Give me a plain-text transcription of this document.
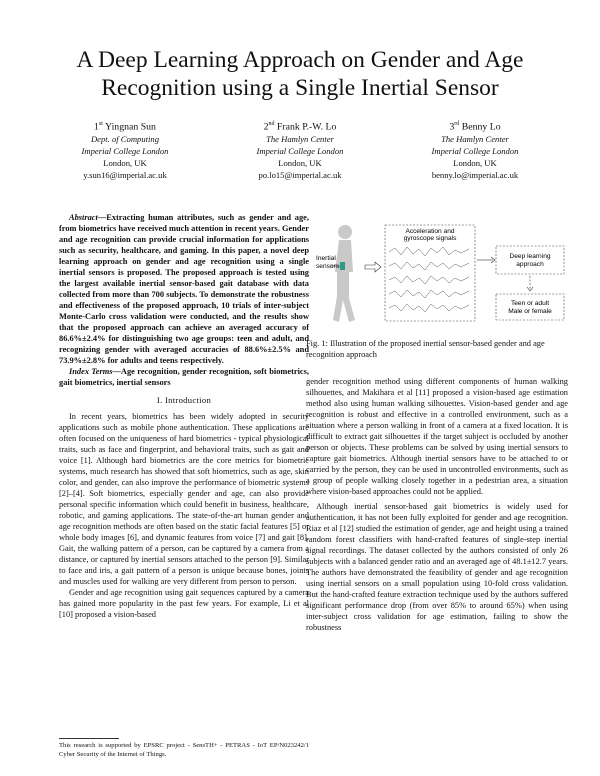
A Deep Learning Approach on Gender and Age
Recognition using a Single Inertial Sensor
1st Yingnan Sun
Dept. of Computing
Imperial College London
London, UK
y.sun16@imperial.ac.uk
2nd Frank P.-W. Lo
The Hamlyn Center
Imperial College London
London, UK
po.lo15@imperial.ac.uk
3rd Benny Lo
The Hamlyn Center
Imperial College London
London, UK
benny.lo@imperial.ac.uk

Abstract—Extracting human attributes, such as gender and age, from biometrics have received much attention in recent years. Gender and age recognition can provide crucial information for applications such as security, healthcare, and gaming. In this paper, a novel deep learning approach on gender and age recognition using a single inertial sensors is proposed. The proposed approach is tested using the largest available inertial sensor-based gait database with data collected from more than 700 subjects. To demonstrate the robustness and effectiveness of the proposed approach, 10 trials of inter-subject Monte-Carlo cross validation were conducted, and the results show that the proposed approach can achieve an averaged accuracy of 86.6%±2.4% for distinguishing two age groups: teen and adult, and recognizing gender with averaged accuracies of 88.6%±2.5% and 73.9%±2.8% for adults and teens respectively.

Index Terms—Age recognition, gender recognition, soft biometrics, gait biometrics, inertial sensors

I. Introduction

In recent years, biometrics has been widely adopted in security applications such as mobile phone authentication. These applications are often focused on the uniqueness of hard biometrics - typical physiological traits, such as face and fingerprint, and behavioral traits, such as gait and voice [1]. Although hard biometrics are the core metrics for biometric systems, much research has showed that soft biometrics, such as age, skin color, and gender, can also improve the performance of biometric systems [2]–[4]. Soft biometrics, especially gender and age, can also provide personal specific information which could benefit in business, healthcare, robotic, and gaming applications. The state-of-the-art human gender and age recognition methods are often based on the static facial features [5] or whole body images [6], and dynamic features from voice [7] and gait [8]. Gait, the walking pattern of a person, can be captured by a camera from a distance, or captured by inertial sensors attached to the person [9]. Similar to face and iris, a gait pattern of a person is unique because bones, joints and muscles used for walking are very different from person to person.

Gender and age recognition using gait sequences captured by a camera has gained more popularity in the past few years. For example, Li et al [10] proposed a vision-based

This research is supported by EPSRC project - SensTH+ - PETRAS - IoT EP/N023242/1 Cyber Security of the Internet of Things.
Inertial
sensors
Acceleration and
gyroscope signals
Deep learning
approach
Teen or adult
Male or female
Fig. 1: Illustration of the proposed inertial sensor-based gender and age recognition approach

gender recognition method using different components of human walking silhouettes, and Makihara et al [11] proposed a vision-based age estimation method also using human walking silhouettes. Vision-based gender and age recognition is robust and effective in a controlled environment, such as a situation where a person walking in front of a camera at a fixed location. It is difficult to extract gait silhouettes if the target subject is occluded by another person or objects. These problems can be solved by using inertial sensors to capture gait biometrics. Although inertial sensors have to be attached to or carried by the person, they can be used in uncontrolled environments, such as a group of people walking closely together in a pedestrian area, a situation where vision-based approaches could not be applied.

Although inertial sensor-based gait biometrics is widely used for authentication, it has not been fully exploited for gender and age recognition. Riaz et al [12] studied the estimation of gender, age and height using a trained random forest classifiers with hand-crafted features of single-step inertial signal recordings. The dataset collected by the authors consisted of only 26 subjects with a balanced gender ratio and an averaged age of 48.1±12.7 years. The authors have demonstrated the feasibility of gender and age recognition using inertial sensors on a small population using 10-fold cross validation. But the hand-crafted feature extraction technique used by the authors suffered significant performance drop (from over 85% to around 65%) when using inter-subject cross validation for age estimation, failing to show the robustness
